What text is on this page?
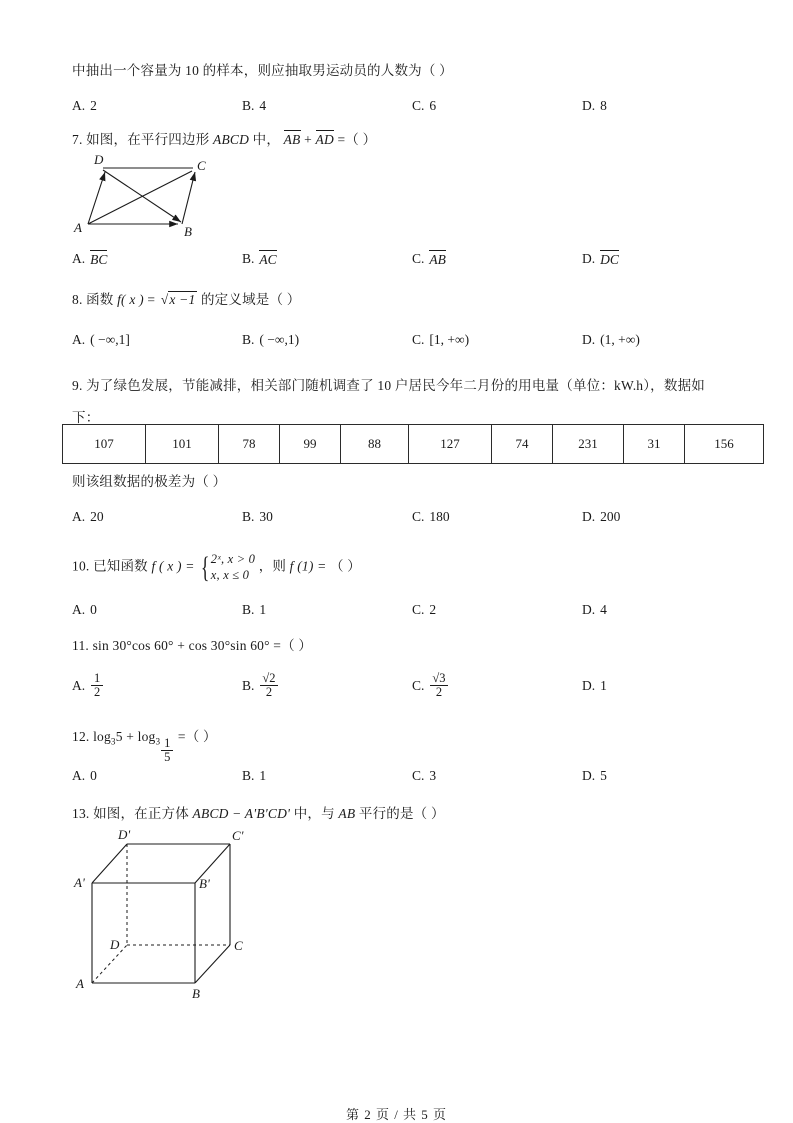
中抽出一个容量为 10 的样本，则应抽取男运动员的人数为（ ）
A. 2	B. 4	C. 6	D. 8
7. 如图，在平行四边形 ABCD 中， AB + AD =（ ）
A	B
C
D
A. BC	B. AC	C. AB	D. DC
8. 函数 f( x ) = √x −1 的定义域是（ ）
A. ( −∞,1]	B. ( −∞,1)	C. [1, +∞)	D. (1, +∞)
9. 为了绿色发展，节能减排，相关部门随机调查了 10 户居民今年二月份的用电量（单位：kW.h），数据如
下：
107	101	78	99	88	127	74	231	31	156
则该组数据的极差为（ ）
A. 20	B. 30	C. 180	D. 200
10. 已知函数 f ( x ) = { 2ˣ, x > 0
x, x ≤ 0
，则 f (1) = （ ）
A. 0	B. 1	C. 2	D. 4
11. sin 30°cos 60° + cos 30°sin 60° =（ ）
A. $\frac{1}{2}$	B. $\frac{√2}{2}$	C. $\frac{√3}{2}$	D. 1
12. $\log_35 + \log_3 \frac{1}{5}$
=（ ）
A. 0	B. 1	C. 3	D. 5
13. 如图，在正方体 ABCD − A'B'CD' 中，与 AB 平行的是（ ）
A'	B'
C'
D'
D	C
A
B
第 2 页 / 共 5 页
